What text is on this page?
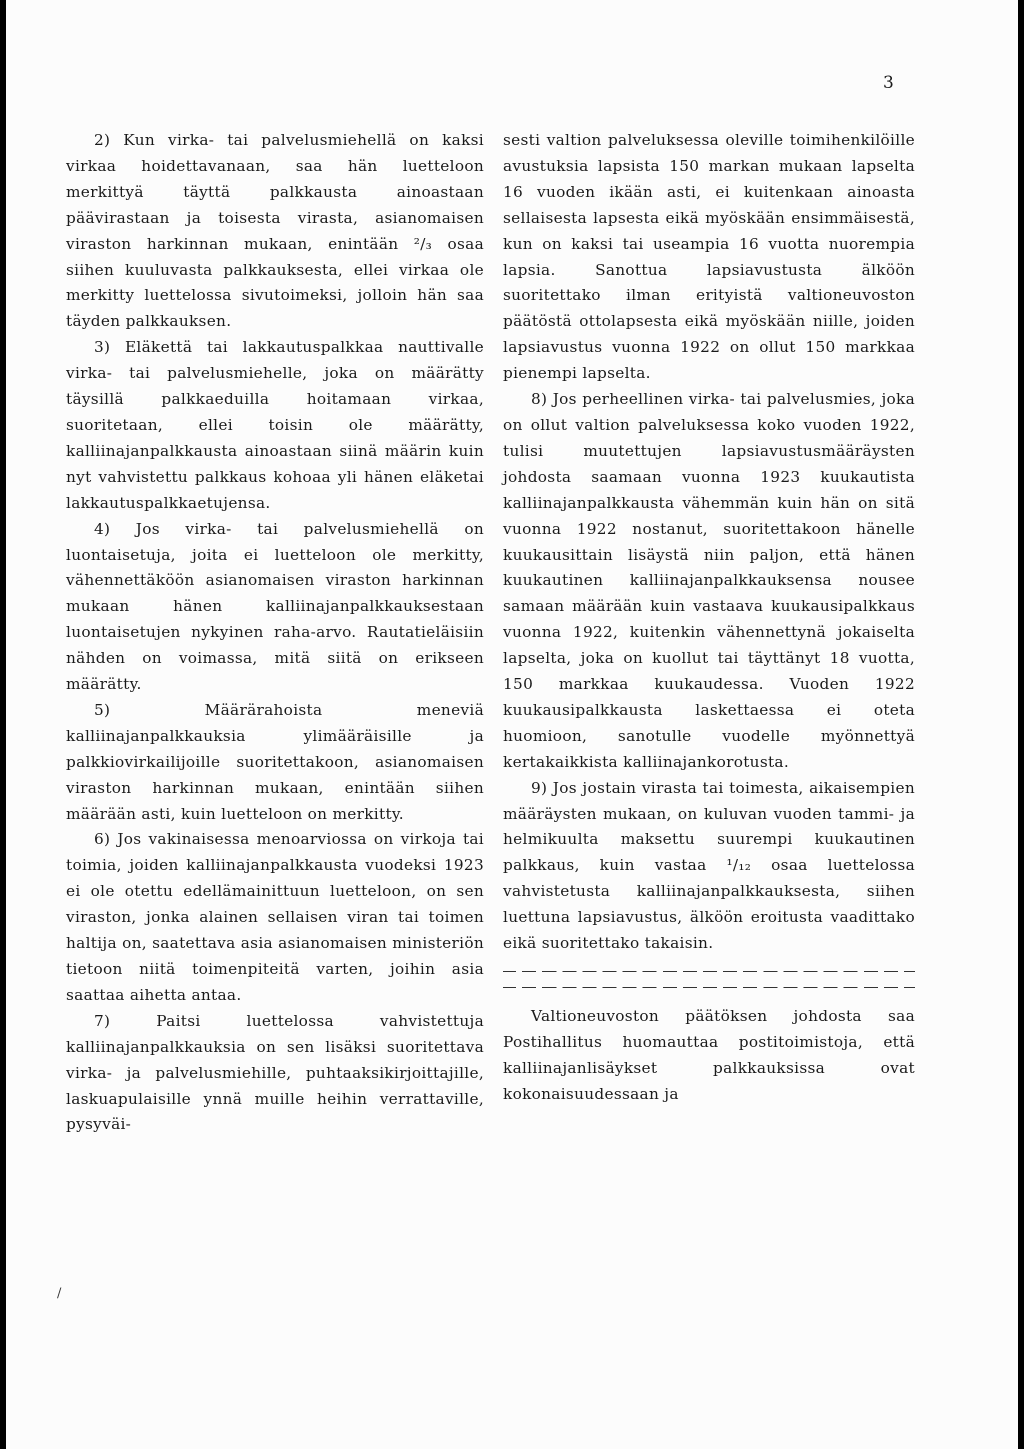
3

2) Kun virka- tai palvelusmiehellä on kaksi virkaa hoidettavanaan, saa hän luetteloon merkittyä täyttä palkkausta ainoastaan päävirastaan ja toisesta virasta, asianomaisen viraston harkinnan mukaan, enintään ²/₃ osaa siihen kuuluvasta palkkauksesta, ellei virkaa ole merkitty luettelossa sivutoimeksi, jolloin hän saa täyden palkkauksen.

3) Eläkettä tai lakkautuspalkkaa nauttivalle virka- tai palvelusmiehelle, joka on määrätty täysillä palkkaeduilla hoitamaan virkaa, suoritetaan, ellei toisin ole määrätty, kalliinajanpalkkausta ainoastaan siinä määrin kuin nyt vahvistettu palkkaus kohoaa yli hänen eläketai lakkautuspalkkaetujensa.

4) Jos virka- tai palvelusmiehellä on luontaisetuja, joita ei luetteloon ole merkitty, vähennettäköön asianomaisen viraston harkinnan mukaan hänen kalliinajanpalkkauksestaan luontaisetujen nykyinen raha-arvo. Rautatieläisiin nähden on voimassa, mitä siitä on erikseen määrätty.

5) Määrärahoista meneviä kalliinajanpalkkauksia ylimääräisille ja palkkiovirkailijoille suoritettakoon, asianomaisen viraston harkinnan mukaan, enintään siihen määrään asti, kuin luetteloon on merkitty.

6) Jos vakinaisessa menoarviossa on virkoja tai toimia, joiden kalliinajanpalkkausta vuodeksi 1923 ei ole otettu edellämainittuun luetteloon, on sen viraston, jonka alainen sellaisen viran tai toimen haltija on, saatettava asia asianomaisen ministeriön tietoon niitä toimenpiteitä varten, joihin asia saattaa aihetta antaa.

7) Paitsi luettelossa vahvistettuja kalliinajanpalkkauksia on sen lisäksi suoritettava virka- ja palvelusmiehille, puhtaaksikirjoittajille, laskuapulaisille ynnä muille heihin verrattaville, pysyväi-

sesti valtion palveluksessa oleville toimihenkilöille avustuksia lapsista 150 markan mukaan lapselta 16 vuoden ikään asti, ei kuitenkaan ainoasta sellaisesta lapsesta eikä myöskään ensimmäisestä, kun on kaksi tai useampia 16 vuotta nuorempia lapsia. Sanottua lapsiavustusta älköön suoritettako ilman erityistä valtioneuvoston päätöstä ottolapsesta eikä myöskään niille, joiden lapsiavustus vuonna 1922 on ollut 150 markkaa pienempi lapselta.

8) Jos perheellinen virka- tai palvelusmies, joka on ollut valtion palveluksessa koko vuoden 1922, tulisi muutettujen lapsiavustusmääräysten johdosta saamaan vuonna 1923 kuukautista kalliinajanpalkkausta vähemmän kuin hän on sitä vuonna 1922 nostanut, suoritettakoon hänelle kuukausittain lisäystä niin paljon, että hänen kuukautinen kalliinajanpalkkauksensa nousee samaan määrään kuin vastaava kuukausipalkkaus vuonna 1922, kuitenkin vähennettynä jokaiselta lapselta, joka on kuollut tai täyttänyt 18 vuotta, 150 markkaa kuukaudessa. Vuoden 1922 kuukausipalkkausta laskettaessa ei oteta huomioon, sanotulle vuodelle myönnettyä kertakaikkista kalliinajankorotusta.

9) Jos jostain virasta tai toimesta, aikaisempien määräysten mukaan, on kuluvan vuoden tammi- ja helmikuulta maksettu suurempi kuukautinen palkkaus, kuin vastaa ¹/₁₂ osaa luettelossa vahvistetusta kalliinajanpalkkauksesta, siihen luettuna lapsiavustus, älköön eroitusta vaadittako eikä suoritettako takaisin.

Valtioneuvoston päätöksen johdosta saa Postihallitus huomauttaa postitoimistoja, että kalliinajanlisäykset palkkauksissa ovat kokonaisuudessaan ja

/
